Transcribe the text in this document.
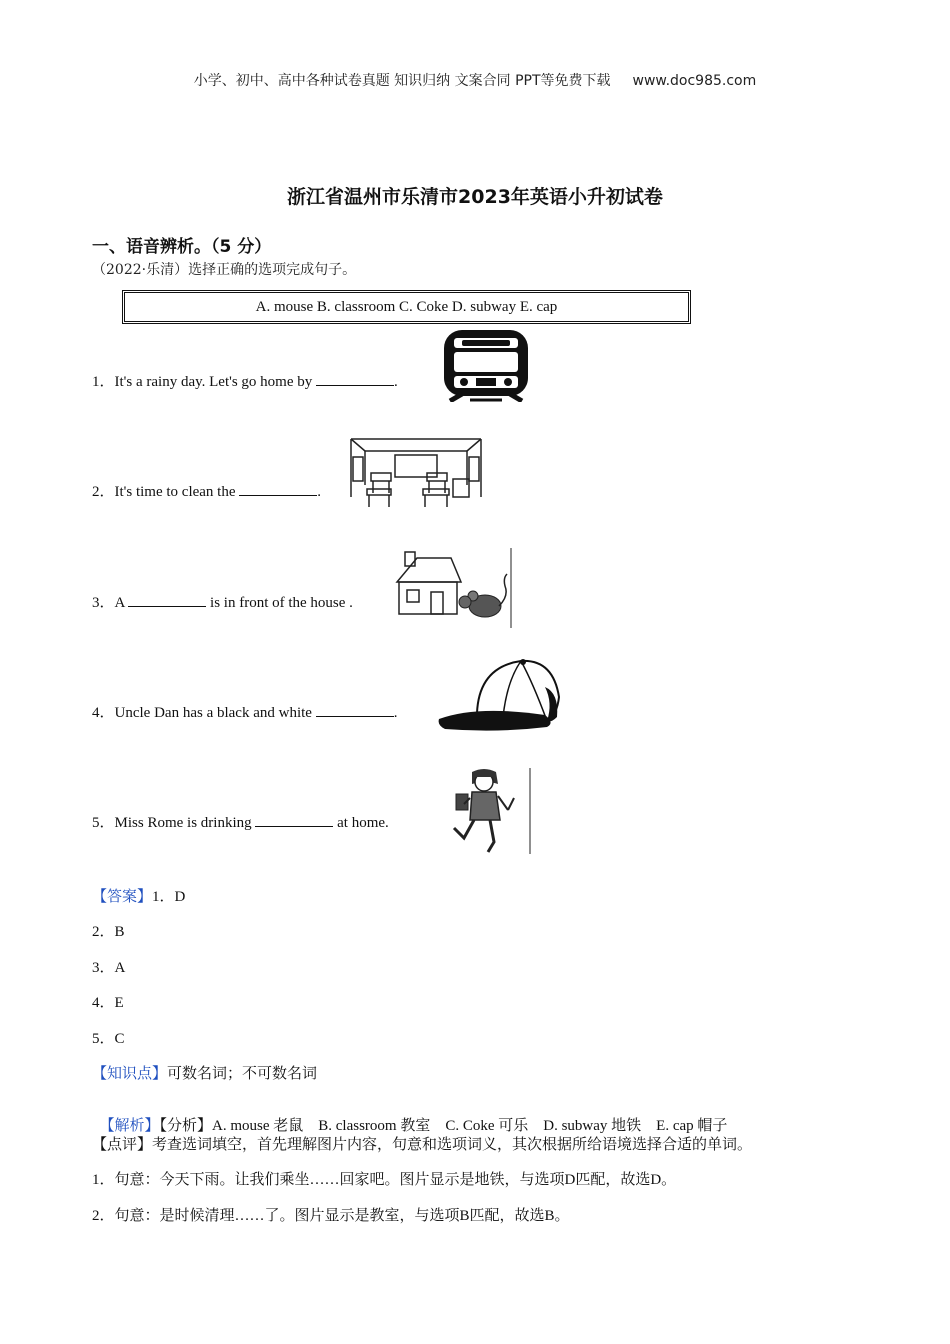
小学、初中、高中各种试卷真题 知识归纳 文案合同 PPT等免费下载 www.doc985.com
浙江省温州市乐清市2023年英语小升初试卷
一、语音辨析。（5 分）
（2022·乐清）选择正确的选项完成句子。
A. mouse B. classroom C. Coke D. subway E. cap
1．It's a rainy day. Let's go home by	.
2．It's time to clean the	.
3．A	is in front of the house .
4．Uncle Dan has a black and white	.
5．Miss Rome is drinking	at home.
【答案】1．D
2．B
3．A
4．E
5．C
【知识点】可数名词；不可数名词

【解析】【分析】A. mouse 老鼠    B. classroom 教室    C. Coke 可乐    D. subway 地铁    E. cap 帽子

【点评】考查选词填空，首先理解图片内容，句意和选项词义，其次根据所给语境选择合适的单词。
1．句意：今天下雨。让我们乘坐……回家吧。图片显示是地铁，与选项D匹配，故选D。
2．句意：是时候清理……了。图片显示是教室，与选项B匹配，故选B。
